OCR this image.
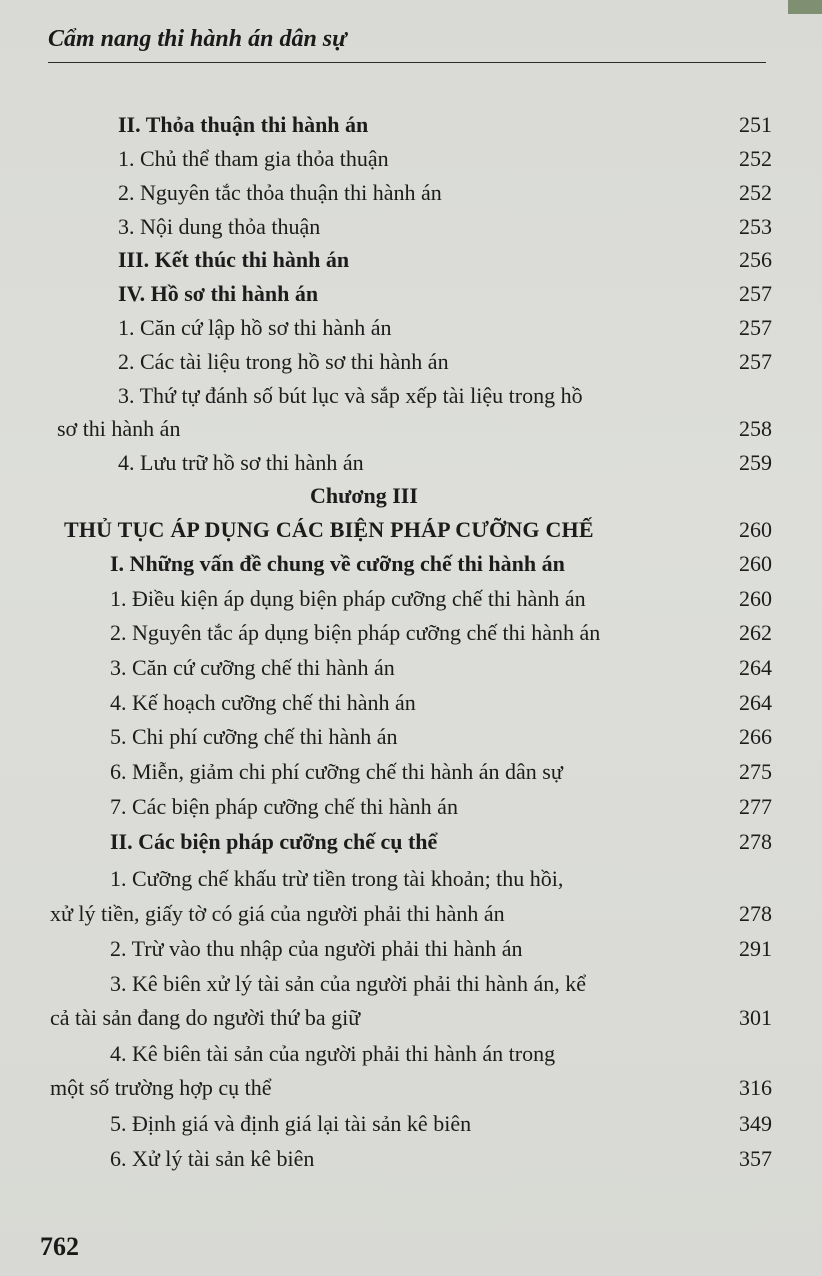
Cẩm nang thi hành án dân sự
II. Thỏa thuận thi hành án	251
1. Chủ thể tham gia thỏa thuận	252
2. Nguyên tắc thỏa thuận thi hành án	252
3. Nội dung thỏa thuận	253
III. Kết thúc thi hành án	256
IV. Hồ sơ thi hành án	257
1. Căn cứ lập hồ sơ thi hành án	257
2. Các tài liệu trong hồ sơ thi hành án	257
3. Thứ tự đánh số bút lục và sắp xếp tài liệu trong hồ
sơ thi hành án	258
4. Lưu trữ hồ sơ thi hành án	259
Chương III
THỦ TỤC ÁP DỤNG CÁC BIỆN PHÁP CƯỠNG CHẾ	260
I. Những vấn đề chung về cưỡng chế thi hành án	260
1. Điều kiện áp dụng biện pháp cưỡng chế thi hành án	260
2. Nguyên tắc áp dụng biện pháp cưỡng chế thi hành án	262
3. Căn cứ cưỡng chế thi hành án	264
4. Kế hoạch cưỡng chế thi hành án	264
5. Chi phí cưỡng chế thi hành án	266
6. Miễn, giảm chi phí cưỡng chế thi hành án dân sự	275
7. Các biện pháp cưỡng chế thi hành án	277
II. Các biện pháp cưỡng chế cụ thể	278
1. Cưỡng chế khấu trừ tiền trong tài khoản; thu hồi,
xử lý tiền, giấy tờ có giá của người phải thi hành án	278
2. Trừ vào thu nhập của người phải thi hành án	291
3. Kê biên xử lý tài sản của người phải thi hành án, kể
cả tài sản đang do người thứ ba giữ	301
4. Kê biên tài sản của người phải thi hành án trong
một số trường hợp cụ thể	316
5. Định giá và định giá lại tài sản kê biên	349
6. Xử lý tài sản kê biên	357
762
